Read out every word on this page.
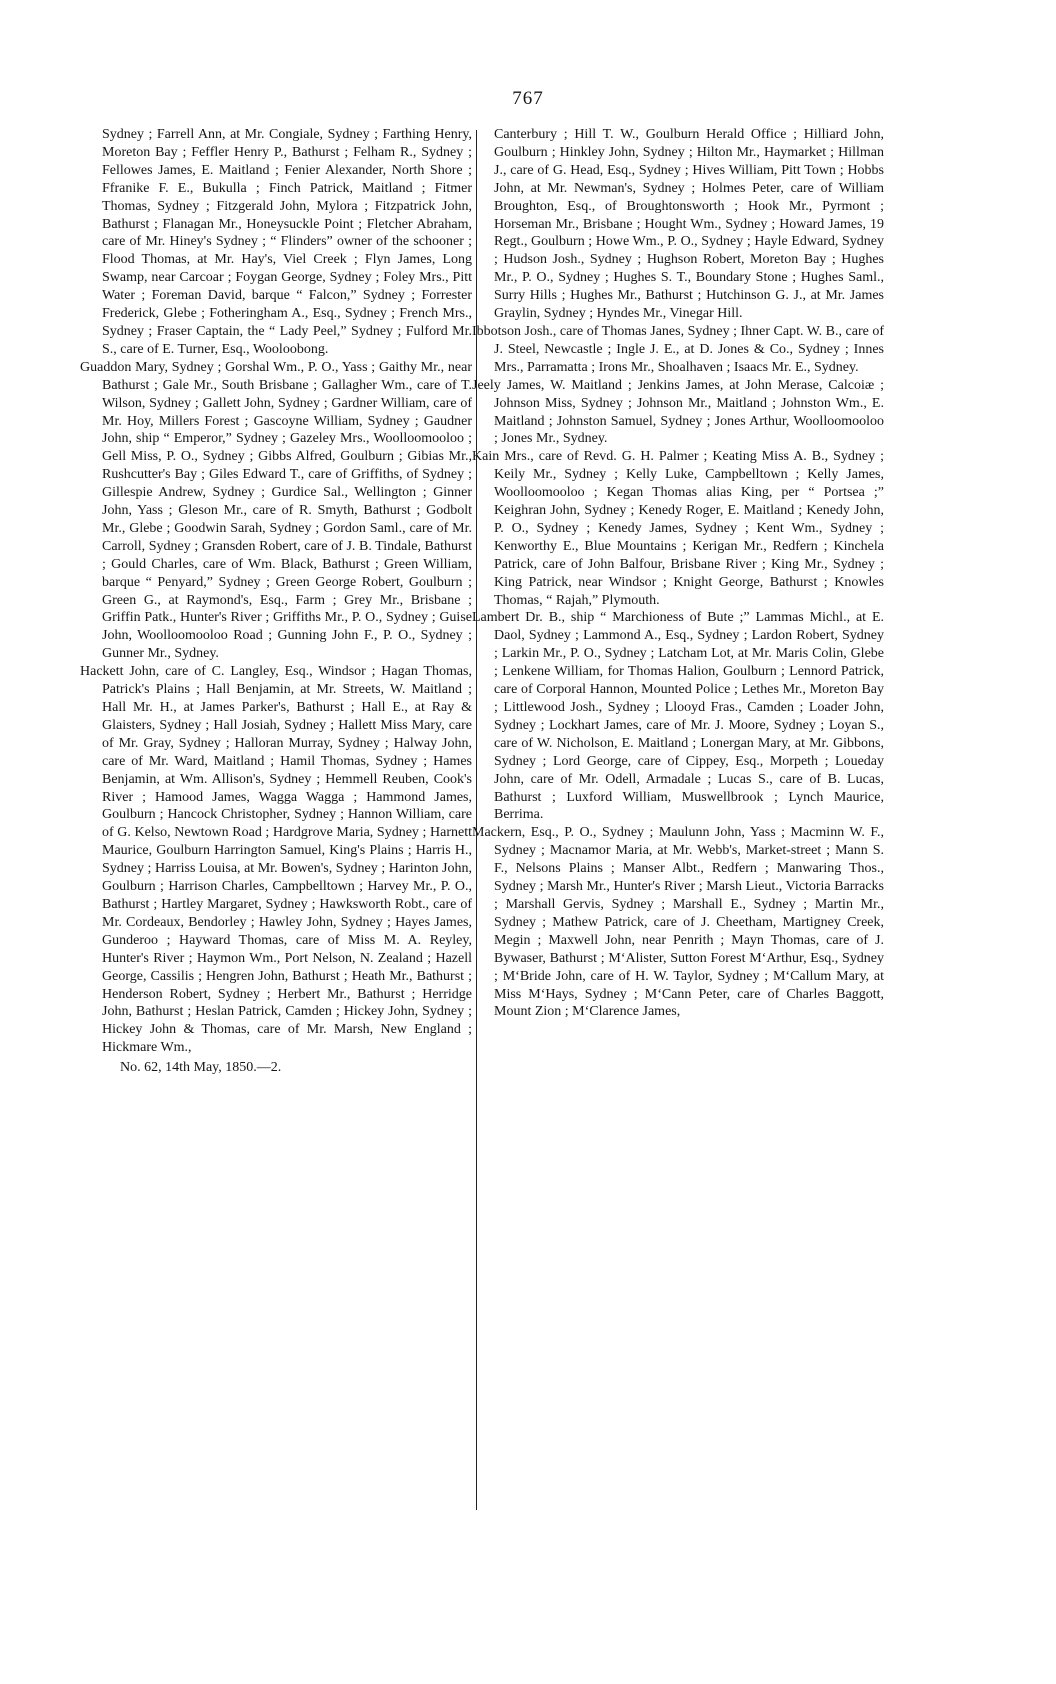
767

Sydney ; Farrell Ann, at Mr. Congiale, Sydney ; Farthing Henry, Moreton Bay ; Feffler Henry P., Bathurst ; Felham R., Sydney ; Fellowes James, E. Maitland ; Fenier Alexander, North Shore ; Ffranike F. E., Bukulla ; Finch Patrick, Maitland ; Fitmer Thomas, Sydney ; Fitzgerald John, Mylora ; Fitzpatrick John, Bathurst ; Flanagan Mr., Honeysuckle Point ; Fletcher Abraham, care of Mr. Hiney's Sydney ; “ Flinders” owner of the schooner ; Flood Thomas, at Mr. Hay's, Viel Creek ; Flyn James, Long Swamp, near Carcoar ; Foygan George, Sydney ; Foley Mrs., Pitt Water ; Foreman David, barque “ Falcon,” Sydney ; Forrester Frederick, Glebe ; Fotheringham A., Esq., Sydney ; French Mrs., Sydney ; Fraser Captain, the “ Lady Peel,” Sydney ; Fulford Mr. S., care of E. Turner, Esq., Wooloobong.

Guaddon Mary, Sydney ; Gorshal Wm., P. O., Yass ; Gaithy Mr., near Bathurst ; Gale Mr., South Brisbane ; Gallagher Wm., care of T. Wilson, Sydney ; Gallett John, Sydney ; Gardner William, care of Mr. Hoy, Millers Forest ; Gascoyne William, Sydney ; Gaudner John, ship “ Emperor,” Sydney ; Gazeley Mrs., Woolloomooloo ; Gell Miss, P. O., Sydney ; Gibbs Alfred, Goulburn ; Gibias Mr., Rushcutter's Bay ; Giles Edward T., care of Griffiths, of Sydney ; Gillespie Andrew, Sydney ; Gurdice Sal., Wellington ; Ginner John, Yass ; Gleson Mr., care of R. Smyth, Bathurst ; Godbolt Mr., Glebe ; Goodwin Sarah, Sydney ; Gordon Saml., care of Mr. Carroll, Sydney ; Gransden Robert, care of J. B. Tindale, Bathurst ; Gould Charles, care of Wm. Black, Bathurst ; Green William, barque “ Penyard,” Sydney ; Green George Robert, Goulburn ; Green G., at Raymond's, Esq., Farm ; Grey Mr., Brisbane ; Griffin Patk., Hunter's River ; Griffiths Mr., P. O., Sydney ; Guise John, Woolloomooloo Road ; Gunning John F., P. O., Sydney ; Gunner Mr., Sydney.

Hackett John, care of C. Langley, Esq., Windsor ; Hagan Thomas, Patrick's Plains ; Hall Benjamin, at Mr. Streets, W. Maitland ; Hall Mr. H., at James Parker's, Bathurst ; Hall E., at Ray & Glaisters, Sydney ; Hall Josiah, Sydney ; Hallett Miss Mary, care of Mr. Gray, Sydney ; Halloran Murray, Sydney ; Halway John, care of Mr. Ward, Maitland ; Hamil Thomas, Sydney ; Hames Benjamin, at Wm. Allison's, Sydney ; Hemmell Reuben, Cook's River ; Hamood James, Wagga Wagga ; Hammond James, Goulburn ; Hancock Christopher, Sydney ; Hannon William, care of G. Kelso, Newtown Road ; Hardgrove Maria, Sydney ; Harnett Maurice, Goulburn Harrington Samuel, King's Plains ; Harris H., Sydney ; Harriss Louisa, at Mr. Bowen's, Sydney ; Harinton John, Goulburn ; Harrison Charles, Campbelltown ; Harvey Mr., P. O., Bathurst ; Hartley Margaret, Sydney ; Hawksworth Robt., care of Mr. Cordeaux, Bendorley ; Hawley John, Sydney ; Hayes James, Gunderoo ; Hayward Thomas, care of Miss M. A. Reyley, Hunter's River ; Haymon Wm., Port Nelson, N. Zealand ; Hazell George, Cassilis ; Hengren John, Bathurst ; Heath Mr., Bathurst ; Henderson Robert, Sydney ; Herbert Mr., Bathurst ; Herridge John, Bathurst ; Heslan Patrick, Camden ; Hickey John, Sydney ; Hickey John & Thomas, care of Mr. Marsh, New England ; Hickmare Wm.,

No. 62, 14th May, 1850.—2.

Canterbury ; Hill T. W., Goulburn Herald Office ; Hilliard John, Goulburn ; Hinkley John, Sydney ; Hilton Mr., Haymarket ; Hillman J., care of G. Head, Esq., Sydney ; Hives William, Pitt Town ; Hobbs John, at Mr. Newman's, Sydney ; Holmes Peter, care of William Broughton, Esq., of Broughtonsworth ; Hook Mr., Pyrmont ; Horseman Mr., Brisbane ; Hought Wm., Sydney ; Howard James, 19 Regt., Goulburn ; Howe Wm., P. O., Sydney ; Hayle Edward, Sydney ; Hudson Josh., Sydney ; Hughson Robert, Moreton Bay ; Hughes Mr., P. O., Sydney ; Hughes S. T., Boundary Stone ; Hughes Saml., Surry Hills ; Hughes Mr., Bathurst ; Hutchinson G. J., at Mr. James Graylin, Sydney ; Hyndes Mr., Vinegar Hill.

Ibbotson Josh., care of Thomas Janes, Sydney ; Ihner Capt. W. B., care of J. Steel, Newcastle ; Ingle J. E., at D. Jones & Co., Sydney ; Innes Mrs., Parramatta ; Irons Mr., Shoalhaven ; Isaacs Mr. E., Sydney.

Jeely James, W. Maitland ; Jenkins James, at John Merase, Calcoiæ ; Johnson Miss, Sydney ; Johnson Mr., Maitland ; Johnston Wm., E. Maitland ; Johnston Samuel, Sydney ; Jones Arthur, Woolloomooloo ; Jones Mr., Sydney.

Kain Mrs., care of Revd. G. H. Palmer ; Keating Miss A. B., Sydney ; Keily Mr., Sydney ; Kelly Luke, Campbelltown ; Kelly James, Woolloomooloo ; Kegan Thomas alias King, per “ Portsea ;” Keighran John, Sydney ; Kenedy Roger, E. Maitland ; Kenedy John, P. O., Sydney ; Kenedy James, Sydney ; Kent Wm., Sydney ; Kenworthy E., Blue Mountains ; Kerigan Mr., Redfern ; Kinchela Patrick, care of John Balfour, Brisbane River ; King Mr., Sydney ; King Patrick, near Windsor ; Knight George, Bathurst ; Knowles Thomas, “ Rajah,” Plymouth.

Lambert Dr. B., ship “ Marchioness of Bute ;” Lammas Michl., at E. Daol, Sydney ; Lammond A., Esq., Sydney ; Lardon Robert, Sydney ; Larkin Mr., P. O., Sydney ; Latcham Lot, at Mr. Maris Colin, Glebe ; Lenkene William, for Thomas Halion, Goulburn ; Lennord Patrick, care of Corporal Hannon, Mounted Police ; Lethes Mr., Moreton Bay ; Littlewood Josh., Sydney ; Llooyd Fras., Camden ; Loader John, Sydney ; Lockhart James, care of Mr. J. Moore, Sydney ; Loyan S., care of W. Nicholson, E. Maitland ; Lonergan Mary, at Mr. Gibbons, Sydney ; Lord George, care of Cippey, Esq., Morpeth ; Loueday John, care of Mr. Odell, Armadale ; Lucas S., care of B. Lucas, Bathurst ; Luxford William, Muswellbrook ; Lynch Maurice, Berrima.

Mackern, Esq., P. O., Sydney ; Maulunn John, Yass ; Macminn W. F., Sydney ; Macnamor Maria, at Mr. Webb's, Market-street ; Mann S. F., Nelsons Plains ; Manser Albt., Redfern ; Manwaring Thos., Sydney ; Marsh Mr., Hunter's River ; Marsh Lieut., Victoria Barracks ; Marshall Gervis, Sydney ; Marshall E., Sydney ; Martin Mr., Sydney ; Mathew Patrick, care of J. Cheetham, Martigney Creek, Megin ; Maxwell John, near Penrith ; Mayn Thomas, care of J. Bywaser, Bathurst ; M‘Alister, Sutton Forest M‘Arthur, Esq., Sydney ; M‘Bride John, care of H. W. Taylor, Sydney ; M‘Callum Mary, at Miss M‘Hays, Sydney ; M‘Cann Peter, care of Charles Baggott, Mount Zion ; M‘Clarence James,
